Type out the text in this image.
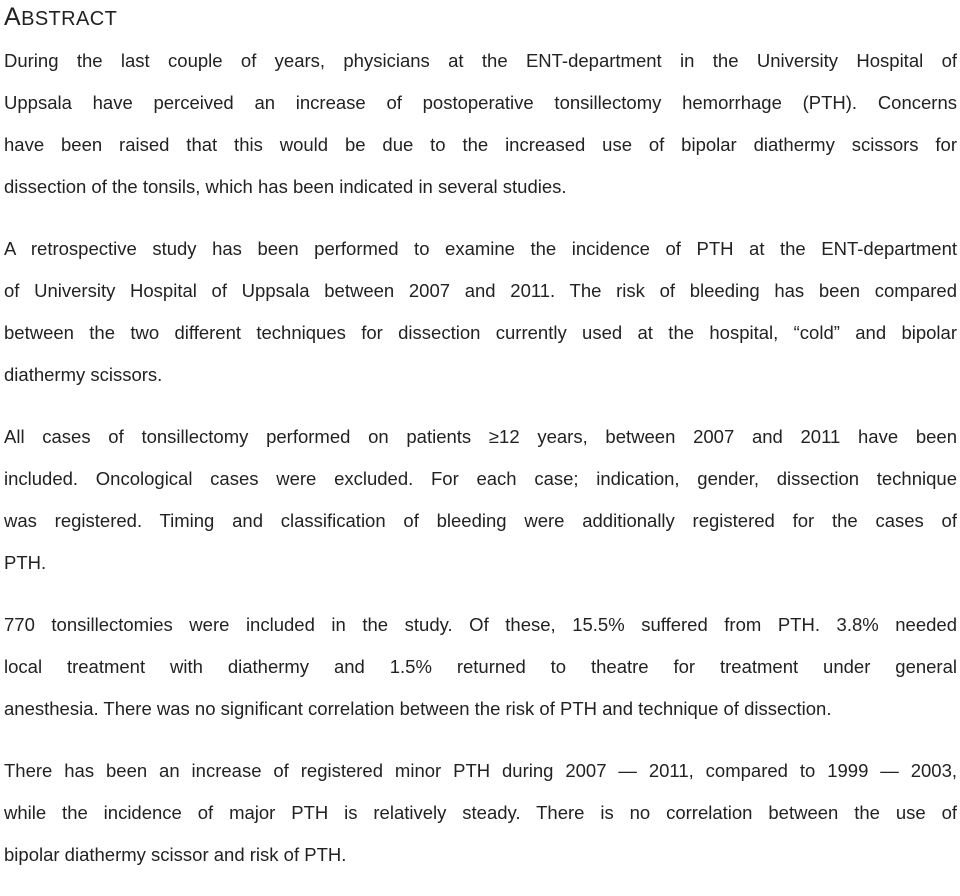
ABSTRACT

During the last couple of years, physicians at the ENT-department in the University Hospital of
Uppsala have perceived an increase of postoperative tonsillectomy hemorrhage (PTH). Concerns
have been raised that this would be due to the increased use of bipolar diathermy scissors for
dissection of the tonsils, which has been indicated in several studies.

A retrospective study has been performed to examine the incidence of PTH at the ENT-department
of University Hospital of Uppsala between 2007 and 2011. The risk of bleeding has been compared
between the two different techniques for dissection currently used at the hospital, “cold” and bipolar
diathermy scissors.

All cases of tonsillectomy performed on patients ≥12 years, between 2007 and 2011 have been
included. Oncological cases were excluded. For each case; indication, gender, dissection technique
was registered. Timing and classification of bleeding were additionally registered for the cases of
PTH.

770 tonsillectomies were included in the study. Of these, 15.5% suffered from PTH. 3.8% needed
local treatment with diathermy and 1.5% returned to theatre for treatment under general
anesthesia. There was no significant correlation between the risk of PTH and technique of dissection.

There has been an increase of registered minor PTH during 2007 — 2011, compared to 1999 — 2003,
while the incidence of major PTH is relatively steady. There is no correlation between the use of
bipolar diathermy scissor and risk of PTH.
